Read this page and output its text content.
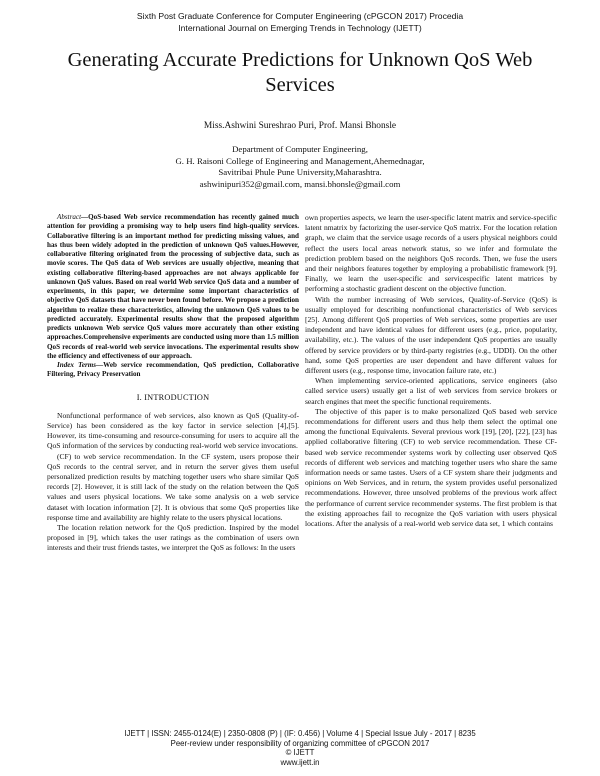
Sixth Post Graduate Conference for Computer Engineering (cPGCON 2017) Procedia
International Journal on Emerging Trends in Technology (IJETT)
Generating Accurate Predictions for Unknown QoS Web Services
Miss.Ashwini Sureshrao Puri, Prof. Mansi Bhonsle
Department of Computer Engineering,
G. H. Raisoni College of Engineering and Management,Ahemednagar,
Savitribai Phule Pune University,Maharashtra.
ashwinipuri352@gmail.com, mansi.bhonsle@gmail.com

Abstract—QoS-based Web service recommendation has recently gained much attention for providing a promising way to help users find high-quality services. Collaborative filtering is an important method for predicting missing values, and has thus been widely adopted in the prediction of unknown QoS values.However, collaborative filtering originated from the processing of subjective data, such as movie scores. The QoS data of Web services are usually objective, meaning that existing collaborative filtering-based approaches are not always applicable for unknown QoS values. Based on real world Web service QoS data and a number of experiments, in this paper, we determine some important characteristics of objective QoS datasets that have never been found before. We propose a prediction algorithm to realize these characteristics, allowing the unknown QoS values to be predicted accurately. Experimental results show that the proposed algorithm predicts unknown Web service QoS values more accurately than other existing approaches.Comprehensive experiments are conducted using more than 1.5 million QoS records of real-world web service invocations. The experimental results show the efficiency and effectiveness of our approach.

Index Terms—Web service recommendation, QoS prediction, Collaborative Filtering, Privacy Preservation

I. INTRODUCTION

Nonfunctional performance of web services, also known as QoS (Quality-of-Service) has been considered as the key factor in service selection [4],[5]. However, its time-consuming and resource-consuming for users to acquire all the QoS information of the services by conducting real-world web service invocations.

(CF) to web service recommendation. In the CF system, users propose their QoS records to the central server, and in return the server gives them useful personalized prediction results by matching together users who share similar QoS records [2]. However, it is still lack of the study on the relation between the QoS values and users physical locations. We take some analysis on a web service dataset with location information [2]. It is obvious that some QoS properties like response time and availability are highly relate to the users physical locations.

The location relation network for the QoS prediction. Inspired by the model proposed in [9], which takes the user ratings as the combination of users own interests and their trust friends tastes, we interpret the QoS as follows: In the users

own properties aspects, we learn the user-specific latent matrix and service-specific latent nmatrix by factorizing the user-service QoS matrix. For the location relation graph, we claim that the service usage records of a users physical neighbors could reflect the users local areas network status, so we infer and formulate the prediction problem based on the neighbors QoS records. Then, we fuse the users and their neighbors features together by employing a probabilistic framework [9]. Finally, we learn the user-specific and servicespecific latent matrices by performing a stochastic gradient descent on the objective function.

With the number increasing of Web services, Quality-of-Service (QoS) is usually employed for describing nonfunctional characteristics of Web services [25]. Among different QoS properties of Web services, some properties are user independent and have identical values for different users (e.g., price, popularity, availability, etc.). The values of the user independent QoS properties are usually offered by service providers or by third-party registries (e.g., UDDI). On the other hand, some QoS properties are user dependent and have different values for different users (e.g., response time, invocation failure rate, etc.)

When implementing service-oriented applications, service engineers (also called service users) usually get a list of web services from service brokers or search engines that meet the specific functional requirements.

The objective of this paper is to make personalized QoS based web service recommendations for different users and thus help them select the optimal one among the functional Equivalents. Several previous work [19], [20], [22], [23] has applied collaborative filtering (CF) to web service recommendation. These CF-based web service recommender systems work by collecting user observed QoS records of different web services and matching together users who share the same information needs or same tastes. Users of a CF system share their judgments and opinions on Web Services, and in return, the system provides useful personalized recommendations. However, three unsolved problems of the previous work affect the performance of current service recommender systems. The first problem is that the existing approaches fail to recognize the QoS variation with users physical locations. After the analysis of a real-world web service data set, 1 which contains

IJETT | ISSN: 2455-0124(E) | 2350-0808 (P) | (IF: 0.456) | Volume 4 | Special Issue July - 2017 | 8235
Peer-review under responsibility of organizing committee of cPGCON 2017
© IJETT
www.ijett.in
